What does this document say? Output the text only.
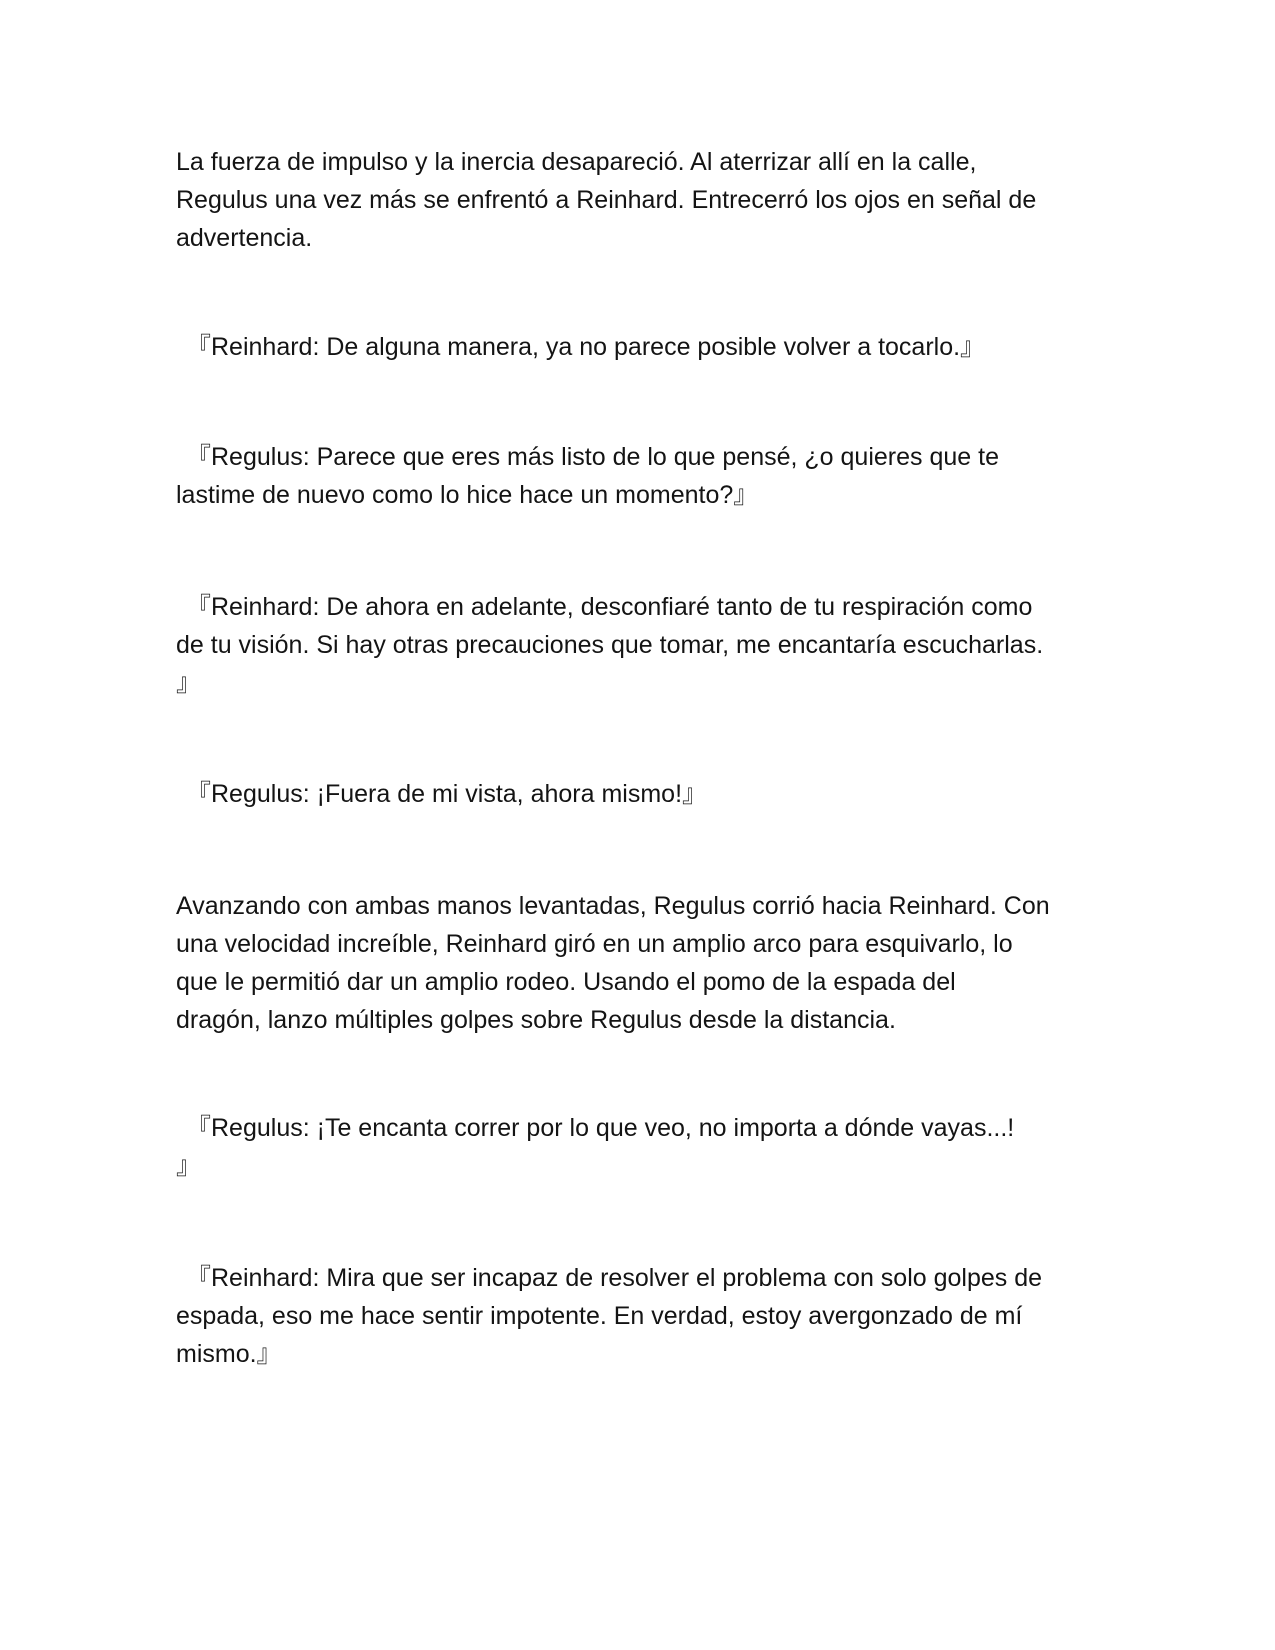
La fuerza de impulso y la inercia desapareció. Al aterrizar allí en la calle,
Regulus una vez más se enfrentó a Reinhard. Entrecerró los ojos en señal de
advertencia.

『Reinhard: De alguna manera, ya no parece posible volver a tocarlo.』

『Regulus: Parece que eres más listo de lo que pensé, ¿o quieres que te
lastime de nuevo como lo hice hace un momento?』

『Reinhard: De ahora en adelante, desconfiaré tanto de tu respiración como
de tu visión. Si hay otras precauciones que tomar, me encantaría escucharlas.
』

『Regulus: ¡Fuera de mi vista, ahora mismo!』

Avanzando con ambas manos levantadas, Regulus corrió hacia Reinhard. Con
una velocidad increíble, Reinhard giró en un amplio arco para esquivarlo, lo
que le permitió dar un amplio rodeo. Usando el pomo de la espada del
dragón, lanzo múltiples golpes sobre Regulus desde la distancia.

『Regulus: ¡Te encanta correr por lo que veo, no importa a dónde vayas...!
』

『Reinhard: Mira que ser incapaz de resolver el problema con solo golpes de
espada, eso me hace sentir impotente. En verdad, estoy avergonzado de mí
mismo.』
